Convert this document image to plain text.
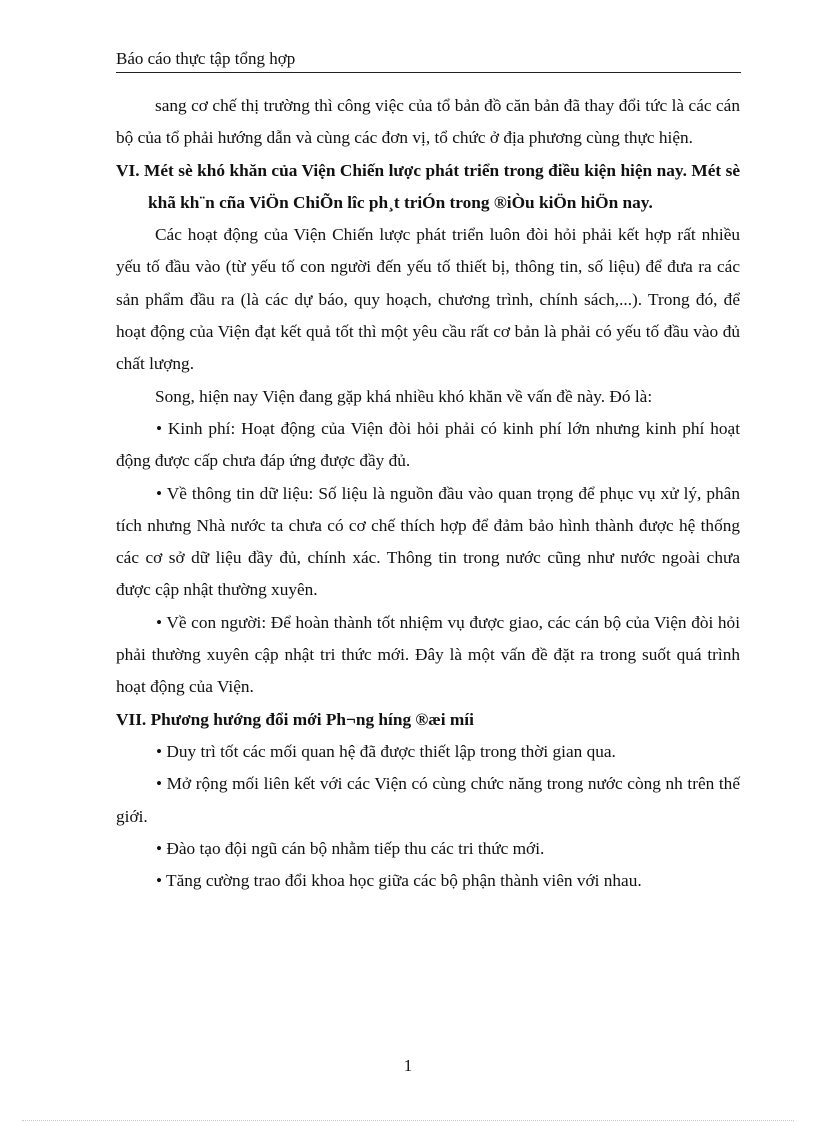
Báo cáo thực tập tổng hợp

sang cơ chế thị trường thì công việc của tổ bản đồ căn bản đã thay đổi tức là các cán bộ của tổ phải hướng dẫn và cùng các đơn vị, tổ chức ở địa phương cùng thực hiện.

VI. Mét sè khó khăn của Viện Chiến lược phát triển trong điều kiện hiện nay. Mét sè khã kh¨n cña ViÖn ChiÕn lîc ph¸t triÓn trong ®iÒu kiÖn hiÖn nay.

Các hoạt động của Viện Chiến lược phát triển luôn đòi hỏi phải kết hợp rất nhiều yếu tố đầu vào (từ yếu tố con người đến yếu tố thiết bị, thông tin, số liệu) để đưa ra các sản phẩm đầu ra (là các dự báo, quy hoạch, chương trình, chính sách,...). Trong đó, để hoạt động của Viện đạt kết quả tốt thì một yêu cầu rất cơ bản là phải có yếu tố đầu vào đủ chất lượng.

Song, hiện nay Viện đang gặp khá nhiều khó khăn về vấn đề này. Đó là:

• Kinh phí: Hoạt động của Viện đòi hỏi phải có kinh phí lớn nhưng kinh phí hoạt động được cấp chưa đáp ứng được đầy đủ.

• Về thông tin dữ liệu: Số liệu là nguồn đầu vào quan trọng để phục vụ xử lý, phân tích nhưng Nhà nước ta chưa có cơ chế thích hợp để đảm bảo hình thành được hệ thống các cơ sở dữ liệu đầy đủ, chính xác. Thông tin trong nước cũng như nước ngoài chưa được cập nhật thường xuyên.

• Về con người: Để hoàn thành tốt nhiệm vụ được giao, các cán bộ của Viện đòi hỏi phải thường xuyên cập nhật tri thức mới. Đây là một vấn đề đặt ra trong suốt quá trình hoạt động của Viện.

VII. Phương hướng đổi mới Ph¬ng híng ®æi míi

• Duy trì tốt các mối quan hệ đã được thiết lập trong thời gian qua.

• Mở rộng mối liên kết với các Viện có cùng chức năng trong nước còng nh trên thế giới.

• Đào tạo đội ngũ cán bộ nhằm tiếp thu các tri thức mới.

• Tăng cường trao đổi khoa học giữa các bộ phận thành viên với nhau.

1
